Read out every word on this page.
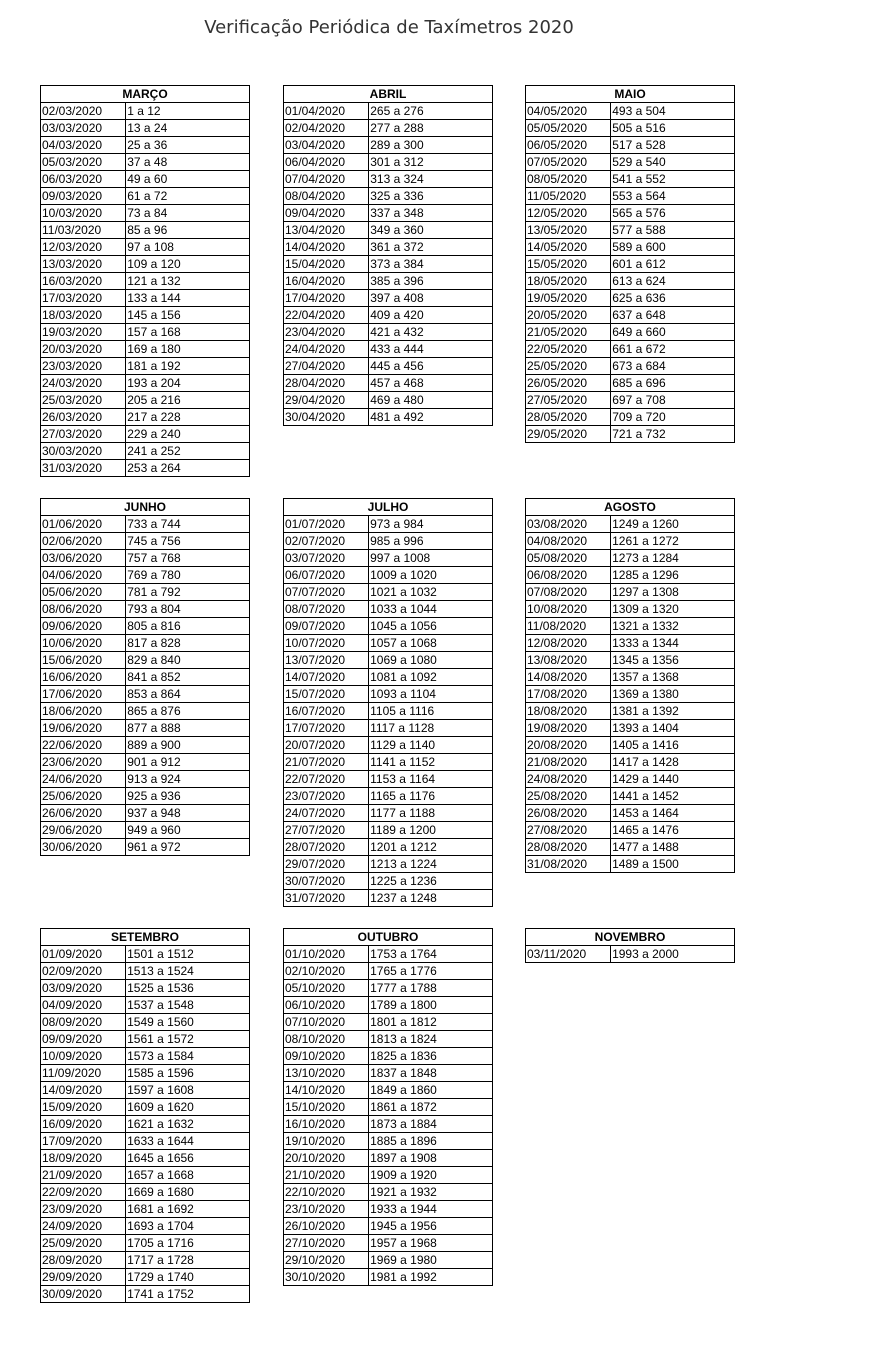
Verificação Periódica de Taxímetros 2020
MARÇO	
02/03/2020	1 a 12
03/03/2020	13 a 24
04/03/2020	25 a 36
05/03/2020	37 a 48
06/03/2020	49 a 60
09/03/2020	61 a 72
10/03/2020	73 a 84
11/03/2020	85 a 96
12/03/2020	97 a 108
13/03/2020	109 a 120
16/03/2020	121 a 132
17/03/2020	133 a 144
18/03/2020	145 a 156
19/03/2020	157 a 168
20/03/2020	169 a 180
23/03/2020	181 a 192
24/03/2020	193 a 204
25/03/2020	205 a 216
26/03/2020	217 a 228
27/03/2020	229 a 240
30/03/2020	241 a 252
31/03/2020	253 a 264
ABRIL	
01/04/2020	265 a 276
02/04/2020	277 a 288
03/04/2020	289 a 300
06/04/2020	301 a 312
07/04/2020	313 a 324
08/04/2020	325 a 336
09/04/2020	337 a 348
13/04/2020	349 a 360
14/04/2020	361 a 372
15/04/2020	373 a 384
16/04/2020	385 a 396
17/04/2020	397 a 408
22/04/2020	409 a 420
23/04/2020	421 a 432
24/04/2020	433 a 444
27/04/2020	445 a 456
28/04/2020	457 a 468
29/04/2020	469 a 480
30/04/2020	481 a 492
MAIO	
04/05/2020	493 a 504
05/05/2020	505 a 516
06/05/2020	517 a 528
07/05/2020	529 a 540
08/05/2020	541 a 552
11/05/2020	553 a 564
12/05/2020	565 a 576
13/05/2020	577 a 588
14/05/2020	589 a 600
15/05/2020	601 a 612
18/05/2020	613 a 624
19/05/2020	625 a 636
20/05/2020	637 a 648
21/05/2020	649 a 660
22/05/2020	661 a 672
25/05/2020	673 a 684
26/05/2020	685 a 696
27/05/2020	697 a 708
28/05/2020	709 a 720
29/05/2020	721 a 732
JUNHO	
01/06/2020	733 a 744
02/06/2020	745 a 756
03/06/2020	757 a 768
04/06/2020	769 a 780
05/06/2020	781 a 792
08/06/2020	793 a 804
09/06/2020	805 a 816
10/06/2020	817 a 828
15/06/2020	829 a 840
16/06/2020	841 a 852
17/06/2020	853 a 864
18/06/2020	865 a 876
19/06/2020	877 a 888
22/06/2020	889 a 900
23/06/2020	901 a 912
24/06/2020	913 a 924
25/06/2020	925 a 936
26/06/2020	937 a 948
29/06/2020	949 a 960
30/06/2020	961 a 972
JULHO	
01/07/2020	973 a 984
02/07/2020	985 a 996
03/07/2020	997 a 1008
06/07/2020	1009 a 1020
07/07/2020	1021 a 1032
08/07/2020	1033 a 1044
09/07/2020	1045 a 1056
10/07/2020	1057 a 1068
13/07/2020	1069 a 1080
14/07/2020	1081 a 1092
15/07/2020	1093 a 1104
16/07/2020	1105 a 1116
17/07/2020	1117 a 1128
20/07/2020	1129 a 1140
21/07/2020	1141 a 1152
22/07/2020	1153 a 1164
23/07/2020	1165 a 1176
24/07/2020	1177 a 1188
27/07/2020	1189 a 1200
28/07/2020	1201 a 1212
29/07/2020	1213 a 1224
30/07/2020	1225 a 1236
31/07/2020	1237 a 1248
AGOSTO	
03/08/2020	1249 a 1260
04/08/2020	1261 a 1272
05/08/2020	1273 a 1284
06/08/2020	1285 a 1296
07/08/2020	1297 a 1308
10/08/2020	1309 a 1320
11/08/2020	1321 a 1332
12/08/2020	1333 a 1344
13/08/2020	1345 a 1356
14/08/2020	1357 a 1368
17/08/2020	1369 a 1380
18/08/2020	1381 a 1392
19/08/2020	1393 a 1404
20/08/2020	1405 a 1416
21/08/2020	1417 a 1428
24/08/2020	1429 a 1440
25/08/2020	1441 a 1452
26/08/2020	1453 a 1464
27/08/2020	1465 a 1476
28/08/2020	1477 a 1488
31/08/2020	1489 a 1500
SETEMBRO	
01/09/2020	1501 a 1512
02/09/2020	1513 a 1524
03/09/2020	1525 a 1536
04/09/2020	1537 a 1548
08/09/2020	1549 a 1560
09/09/2020	1561 a 1572
10/09/2020	1573 a 1584
11/09/2020	1585 a 1596
14/09/2020	1597 a 1608
15/09/2020	1609 a 1620
16/09/2020	1621 a 1632
17/09/2020	1633 a 1644
18/09/2020	1645 a 1656
21/09/2020	1657 a 1668
22/09/2020	1669 a 1680
23/09/2020	1681 a 1692
24/09/2020	1693 a 1704
25/09/2020	1705 a 1716
28/09/2020	1717 a 1728
29/09/2020	1729 a 1740
30/09/2020	1741 a 1752
OUTUBRO	
01/10/2020	1753 a 1764
02/10/2020	1765 a 1776
05/10/2020	1777 a 1788
06/10/2020	1789 a 1800
07/10/2020	1801 a 1812
08/10/2020	1813 a 1824
09/10/2020	1825 a 1836
13/10/2020	1837 a 1848
14/10/2020	1849 a 1860
15/10/2020	1861 a 1872
16/10/2020	1873 a 1884
19/10/2020	1885 a 1896
20/10/2020	1897 a 1908
21/10/2020	1909 a 1920
22/10/2020	1921 a 1932
23/10/2020	1933 a 1944
26/10/2020	1945 a 1956
27/10/2020	1957 a 1968
29/10/2020	1969 a 1980
30/10/2020	1981 a 1992
NOVEMBRO
03/11/2020	1993 a 2000
